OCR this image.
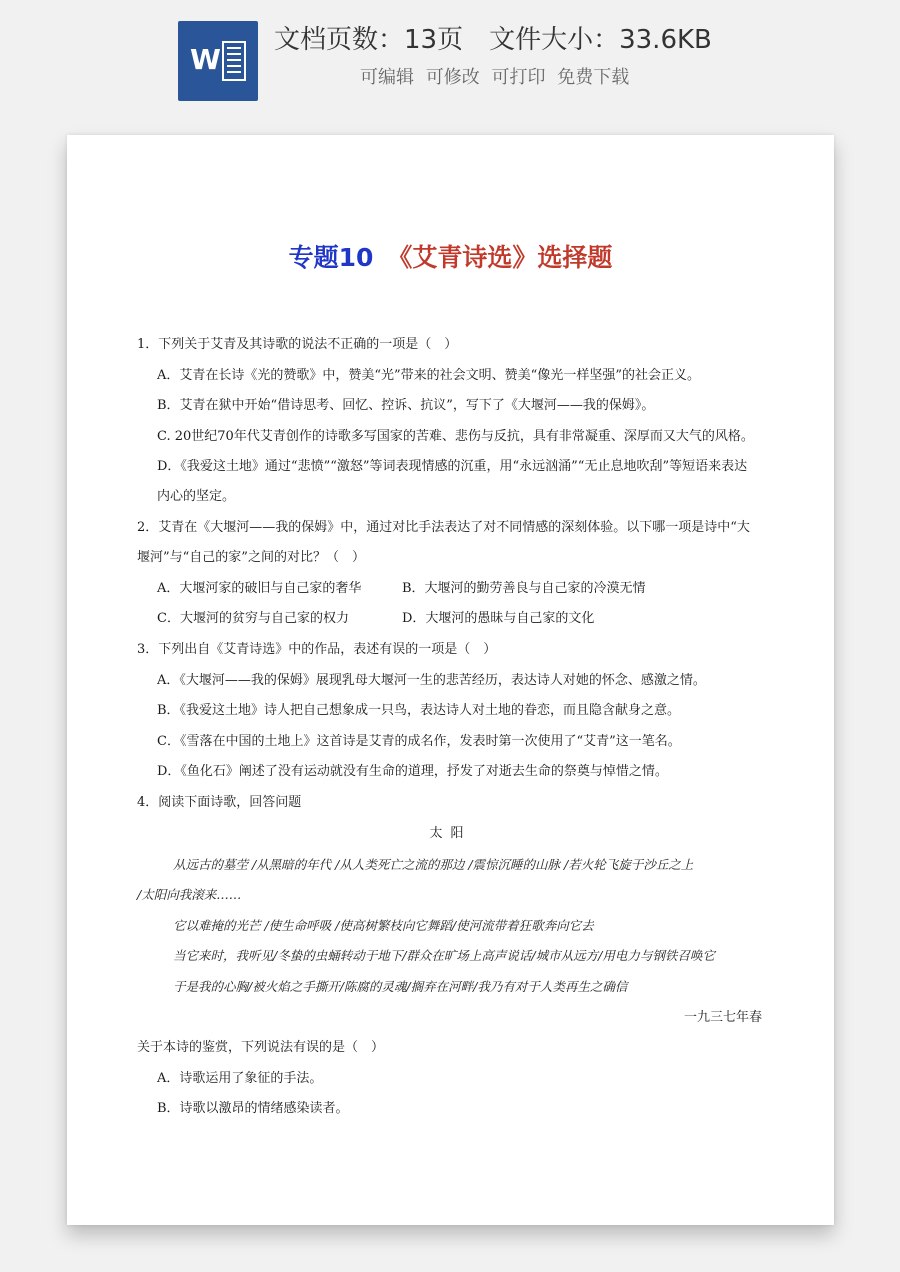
W
文档页数：13页 文件大小：33.6KB
可编辑 可修改 可打印 免费下载
专题10 《艾青诗选》选择题
1．下列关于艾青及其诗歌的说法不正确的一项是（　）
A．艾青在长诗《光的赞歌》中，赞美“光”带来的社会文明、赞美“像光一样坚强”的社会正义。
B．艾青在狱中开始“借诗思考、回忆、控诉、抗议”，写下了《大堰河——我的保姆》。
C. 20世纪70年代艾青创作的诗歌多写国家的苦难、悲伤与反抗，具有非常凝重、深厚而又大气的风格。
D．《我爱这土地》通过“悲愤”“激怒”等词表现情感的沉重，用“永远汹涌”“无止息地吹刮”等短语来表达
内心的坚定。
2．艾青在《大堰河——我的保姆》中，通过对比手法表达了对不同情感的深刻体验。以下哪一项是诗中“大
堰河”与“自己的家”之间的对比？（　）
A．大堰河家的破旧与自己家的奢华	B．大堰河的勤劳善良与自己家的冷漠无情
C．大堰河的贫穷与自己家的权力	D．大堰河的愚昧与自己家的文化
3．下列出自《艾青诗选》中的作品，表述有误的一项是（　）
A．《大堰河——我的保姆》展现乳母大堰河一生的悲苦经历，表达诗人对她的怀念、感激之情。
B．《我爱这土地》诗人把自己想象成一只鸟，表达诗人对土地的眷恋，而且隐含献身之意。
C．《雪落在中国的土地上》这首诗是艾青的成名作，发表时第一次使用了“艾青”这一笔名。
D．《鱼化石》阐述了没有运动就没有生命的道理，抒发了对逝去生命的祭奠与悼惜之情。
4．阅读下面诗歌，回答问题
太阳
从远古的墓茔 /从黑暗的年代 /从人类死亡之流的那边 /震惊沉睡的山脉 /若火轮飞旋于沙丘之上
/太阳向我滚来……
它以难掩的光芒 /使生命呼吸 /使高树繁枝向它舞蹈/使河流带着狂歌奔向它去
当它来时，我听见/冬蛰的虫蛹转动于地下/群众在旷场上高声说话/城市从远方/用电力与钢铁召唤它
于是我的心胸/被火焰之手撕开/陈腐的灵魂/搁弃在河畔/我乃有对于人类再生之确信
一九三七年春
关于本诗的鉴赏，下列说法有误的是（　）
A．诗歌运用了象征的手法。
B．诗歌以激昂的情绪感染读者。
